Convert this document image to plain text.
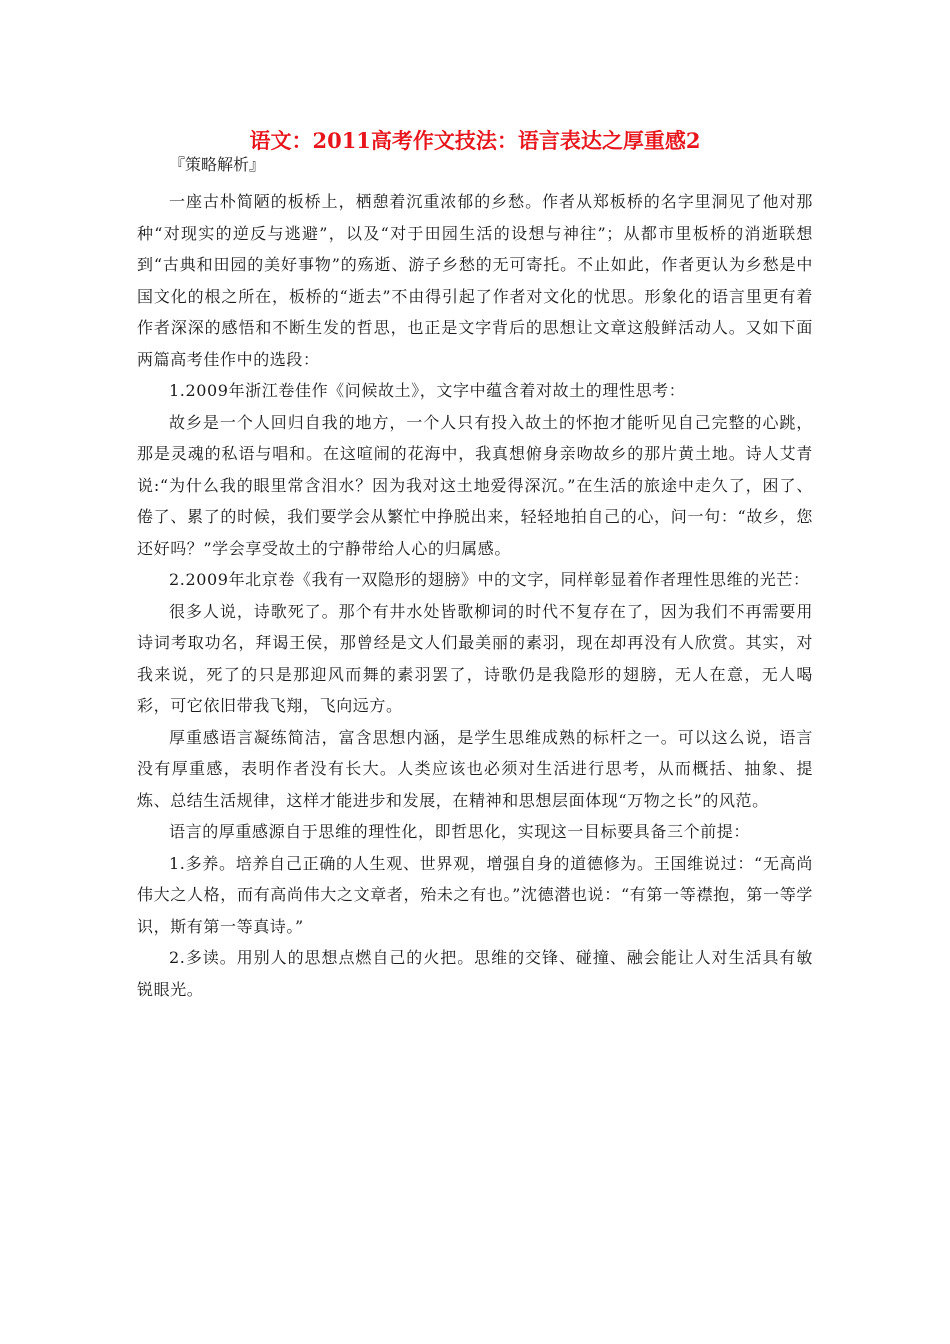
语文：2011高考作文技法：语言表达之厚重感2

『策略解析』

一座古朴简陋的板桥上，栖憩着沉重浓郁的乡愁。作者从郑板桥的名字里洞见了他对那种“对现实的逆反与逃避”，以及“对于田园生活的设想与神往”；从都市里板桥的消逝联想到“古典和田园的美好事物”的殇逝、游子乡愁的无可寄托。不止如此，作者更认为乡愁是中国文化的根之所在，板桥的“逝去”不由得引起了作者对文化的忧思。形象化的语言里更有着作者深深的感悟和不断生发的哲思，也正是文字背后的思想让文章这般鲜活动人。又如下面两篇高考佳作中的选段：

1.2009年浙江卷佳作《问候故土》，文字中蕴含着对故土的理性思考：

故乡是一个人回归自我的地方，一个人只有投入故土的怀抱才能听见自己完整的心跳，那是灵魂的私语与唱和。在这喧闹的花海中，我真想俯身亲吻故乡的那片黄土地。诗人艾青说:“为什么我的眼里常含泪水？因为我对这土地爱得深沉。”在生活的旅途中走久了，困了、倦了、累了的时候，我们要学会从繁忙中挣脱出来，轻轻地拍自己的心，问一句：“故乡，您还好吗？”学会享受故土的宁静带给人心的归属感。

2.2009年北京卷《我有一双隐形的翅膀》中的文字，同样彰显着作者理性思维的光芒：

很多人说，诗歌死了。那个有井水处皆歌柳词的时代不复存在了，因为我们不再需要用诗词考取功名，拜谒王侯，那曾经是文人们最美丽的素羽，现在却再没有人欣赏。其实，对我来说，死了的只是那迎风而舞的素羽罢了，诗歌仍是我隐形的翅膀，无人在意，无人喝彩，可它依旧带我飞翔，飞向远方。

厚重感语言凝练简洁，富含思想内涵，是学生思维成熟的标杆之一。可以这么说，语言没有厚重感，表明作者没有长大。人类应该也必须对生活进行思考，从而概括、抽象、提炼、总结生活规律，这样才能进步和发展，在精神和思想层面体现“万物之长”的风范。

语言的厚重感源自于思维的理性化，即哲思化，实现这一目标要具备三个前提：

1.多养。培养自己正确的人生观、世界观，增强自身的道德修为。王国维说过：“无高尚伟大之人格，而有高尚伟大之文章者，殆未之有也。”沈德潜也说：“有第一等襟抱，第一等学识，斯有第一等真诗。”

2.多读。用别人的思想点燃自己的火把。思维的交锋、碰撞、融会能让人对生活具有敏锐眼光。
